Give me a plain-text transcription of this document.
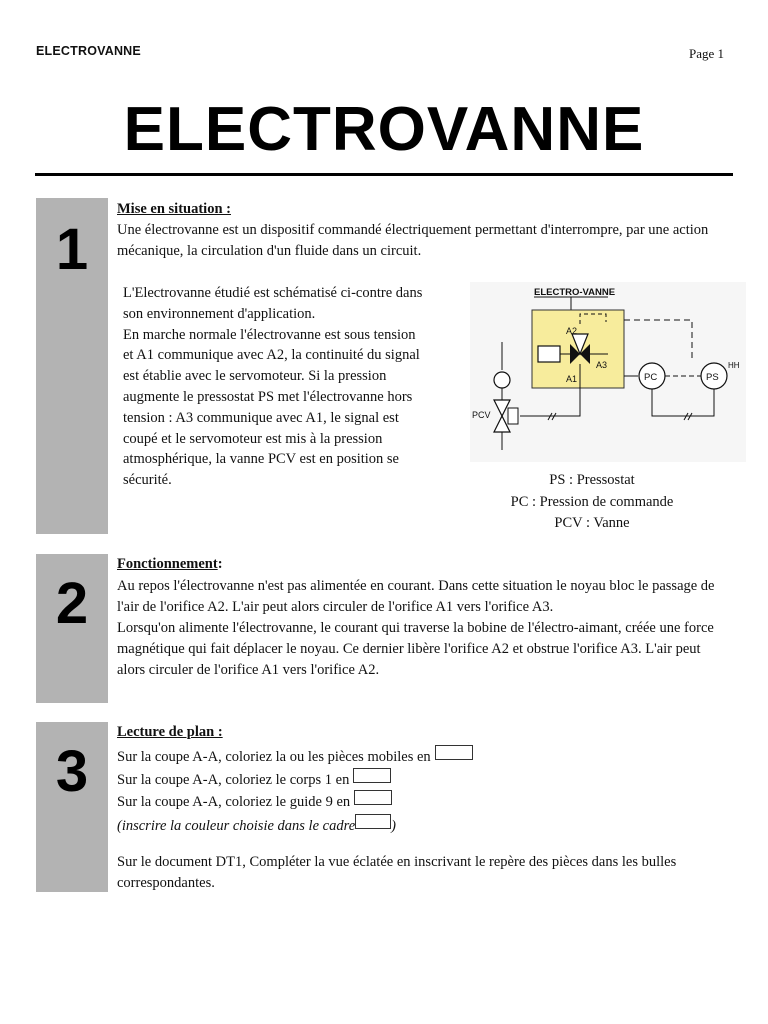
ELECTROVANNE	Page 1
ELECTROVANNE
1
Mise en situation :
Une électrovanne est un dispositif commandé électriquement permettant d'interrompre, par une action mécanique, la circulation d'un fluide dans un circuit.

L'Electrovanne étudié est schématisé ci-contre dans son environnement d'application.

En marche normale l'électrovanne est sous tension et A1 communique avec A2, la continuité du signal est établie avec le servomoteur. Si la pression augmente le pressostat PS met l'électrovanne hors tension : A3 communique avec A1, le signal est coupé et le servomoteur est mis à la pression atmosphérique, la vanne PCV est en position se sécurité.

ELECTRO-VANNE
A2
A3
A1	PC	PS
HH
PCV
PS : Pressostat
PC : Pression de commande
PCV : Vanne
2
Fonctionnement:

Au repos l'électrovanne n'est pas alimentée en courant. Dans cette situation le noyau bloc le passage de l'air de l'orifice A2. L'air peut alors circuler de l'orifice A1 vers l'orifice A3.

Lorsqu'on alimente l'électrovanne, le courant qui traverse la bobine de l'électro-aimant, créée une force magnétique qui fait déplacer le noyau. Ce dernier libère l'orifice A2 et obstrue l'orifice A3. L'air peut alors circuler de l'orifice A1 vers l'orifice A2.

3
Lecture de plan :
Sur la coupe A-A, coloriez la ou les pièces mobiles en
Sur la coupe A-A, coloriez le corps 1 en
Sur la coupe A-A, coloriez le guide 9 en
(inscrire la couleur choisie dans le cadre )
Sur le document DT1, Compléter la vue éclatée en inscrivant le repère des pièces dans les bulles correspondantes.
